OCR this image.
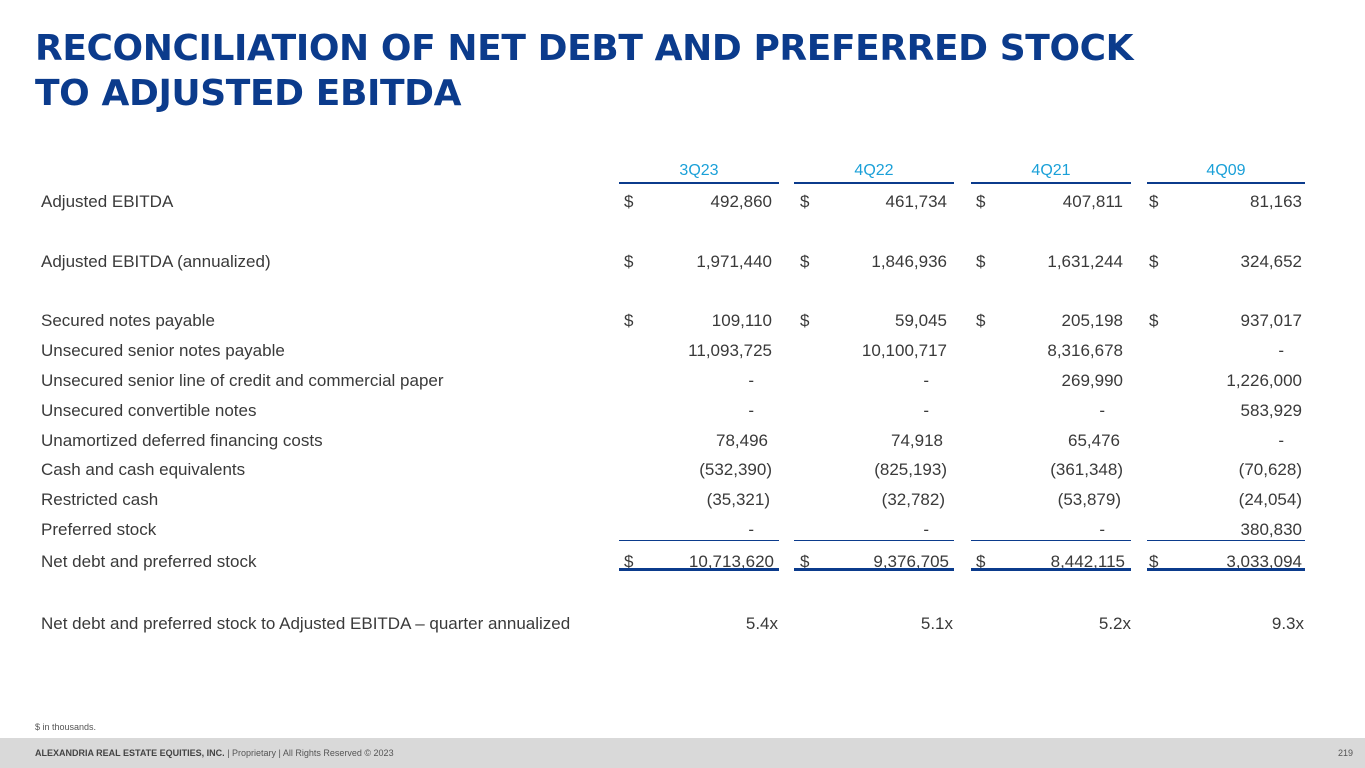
RECONCILIATION OF NET DEBT AND PREFERRED STOCK
TO ADJUSTED EBITDA
3Q23	4Q22	4Q21	4Q09
Adjusted EBITDA	$	492,860 $	461,734 $	407,811 $	81,163
Adjusted EBITDA (annualized)	$	1,971,440 $	1,846,936 $	1,631,244 $	324,652
Secured notes payable	$	109,110 $	59,045 $	205,198 $	937,017
Unsecured senior notes payable	11,093,725	10,100,717	8,316,678	-
Unsecured senior line of credit and commercial paper	-	-	269,990	1,226,000
Unsecured convertible notes	-	-	-	583,929
Unamortized deferred financing costs	78,496	74,918	65,476	-
Cash and cash equivalents	(532,390)	(825,193)	(361,348)	(70,628)
Restricted cash	(35,321)	(32,782)	(53,879)	(24,054)
Preferred stock	-	-	-	380,830
Net debt and preferred stock	$	10,713,620 $	9,376,705 $	8,442,115 $	3,033,094
Net debt and preferred stock to Adjusted EBITDA – quarter annualized	5.4x	5.1x	5.2x	9.3x
$ in thousands.
ALEXANDRIA REAL ESTATE EQUITIES, INC. | Proprietary | All Rights Reserved © 2023	219
